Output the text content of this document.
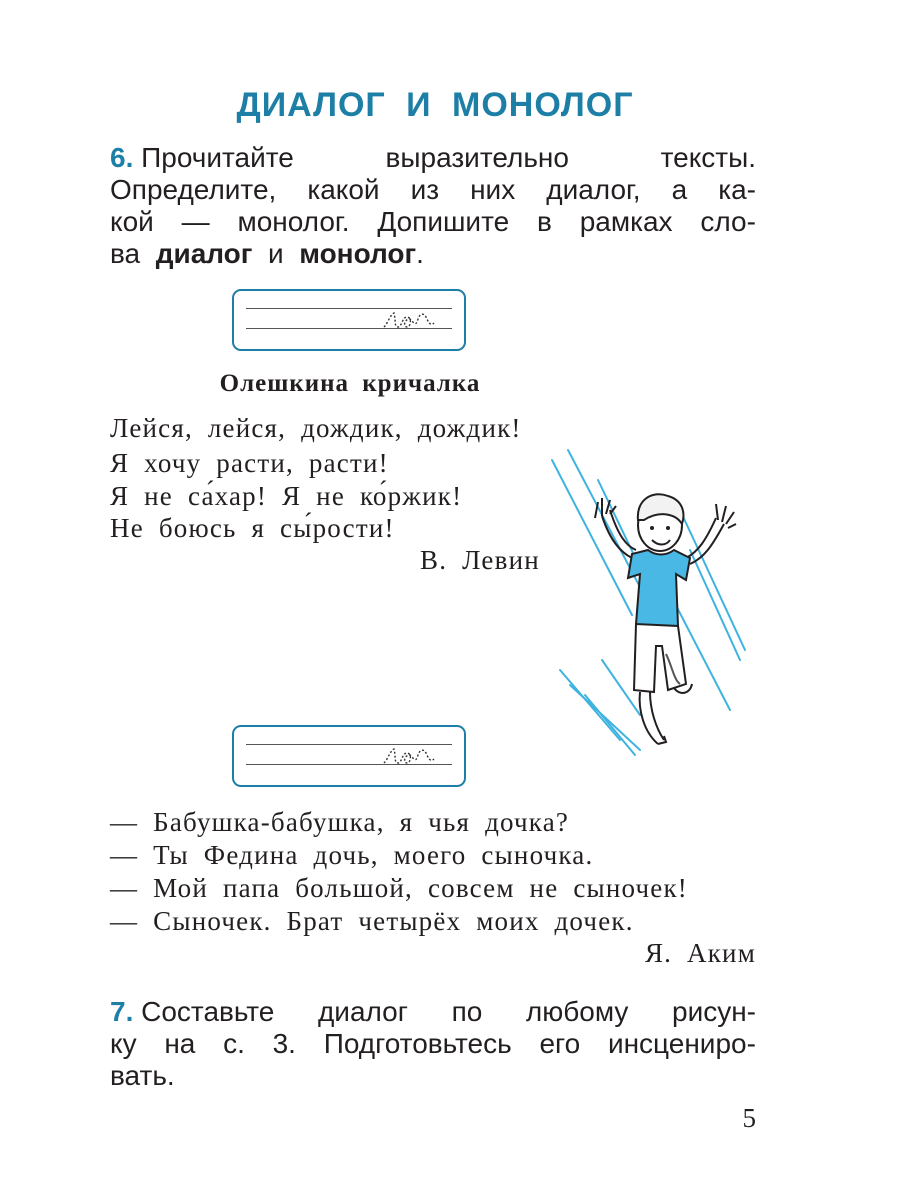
ДИАЛОГ И МОНОЛОГ
6. Прочитайте	выразительно	тексты.
Определите, какой из них диалог, а ка-
кой — монолог. Допишите в рамках сло-
ва
диалог
и
монолог .
Олешкина кричалка
Лейся, лейся, дождик, дождик!
Я хочу расти, расти!
Я не са́хар! Я не ко́ржик!
Не боюсь я сы́рости!
В. Левин
— Бабушка-бабушка, я чья дочка?
— Ты Федина дочь, моего сыночка.
— Мой папа большой, совсем не сыночек!
— Сыночек. Брат четырёх моих дочек.
Я. Аким
7. Составьте диалог по любому рисун-
ку на с. 3. Подготовьтесь его инсцениро-
вать.
5
